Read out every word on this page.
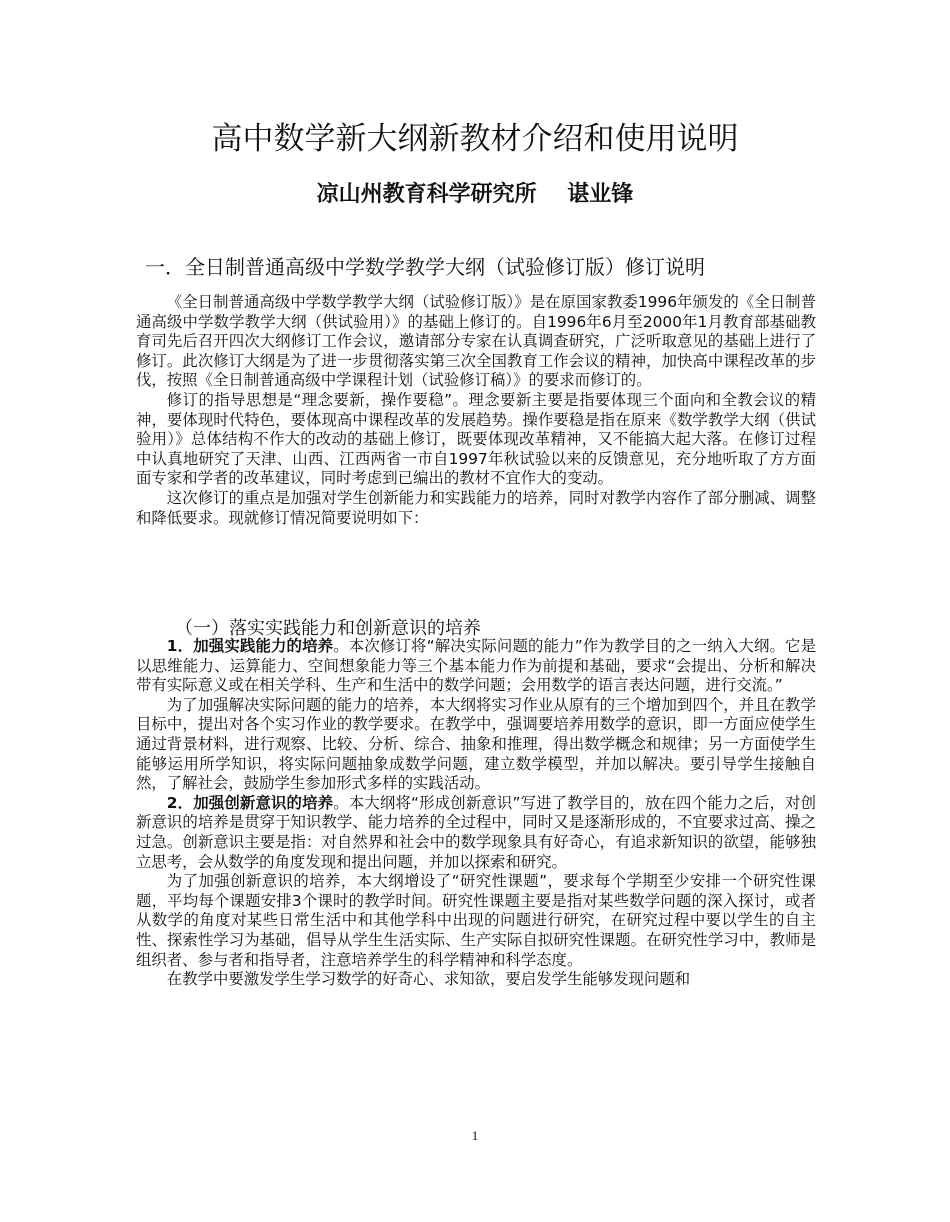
高中数学新大纲新教材介绍和使用说明
凉山州教育科学研究所    谌业锋
一．全日制普通高级中学数学教学大纲（试验修订版）修订说明

《全日制普通高级中学数学教学大纲（试验修订版）》是在原国家教委1996年颁发的《全日制普通高级中学数学教学大纲（供试验用）》的基础上修订的。自1996年6月至2000年1月教育部基础教育司先后召开四次大纲修订工作会议，邀请部分专家在认真调查研究，广泛听取意见的基础上进行了修订。此次修订大纲是为了进一步贯彻落实第三次全国教育工作会议的精神，加快高中课程改革的步伐，按照《全日制普通高级中学课程计划（试验修订稿）》的要求而修订的。

修订的指导思想是“理念要新，操作要稳”。理念要新主要是指要体现三个面向和全教会议的精神，要体现时代特色，要体现高中课程改革的发展趋势。操作要稳是指在原来《数学教学大纲（供试验用）》总体结构不作大的改动的基础上修订，既要体现改革精神，又不能搞大起大落。在修订过程中认真地研究了天津、山西、江西两省一市自1997年秋试验以来的反馈意见，充分地听取了方方面面专家和学者的改革建议，同时考虑到已编出的教材不宜作大的变动。

这次修订的重点是加强对学生创新能力和实践能力的培养，同时对教学内容作了部分删减、调整和降低要求。现就修订情况简要说明如下：

（一）落实实践能力和创新意识的培养

1．加强实践能力的培养。本次修订将“解决实际问题的能力”作为教学目的之一纳入大纲。它是以思维能力、运算能力、空间想象能力等三个基本能力作为前提和基础，要求“会提出、分析和解决带有实际意义或在相关学科、生产和生活中的数学问题；会用数学的语言表达问题，进行交流。”

为了加强解决实际问题的能力的培养，本大纲将实习作业从原有的三个增加到四个，并且在教学目标中，提出对各个实习作业的教学要求。在教学中，强调要培养用数学的意识，即一方面应使学生通过背景材料，进行观察、比较、分析、综合、抽象和推理，得出数学概念和规律；另一方面使学生能够运用所学知识，将实际问题抽象成数学问题，建立数学模型，并加以解决。要引导学生接触自然，了解社会，鼓励学生参加形式多样的实践活动。

2．加强创新意识的培养。本大纲将“形成创新意识”写进了教学目的，放在四个能力之后，对创新意识的培养是贯穿于知识教学、能力培养的全过程中，同时又是逐渐形成的，不宜要求过高、操之过急。创新意识主要是指：对自然界和社会中的数学现象具有好奇心，有追求新知识的欲望，能够独立思考，会从数学的角度发现和提出问题，并加以探索和研究。

为了加强创新意识的培养，本大纲增设了“研究性课题”，要求每个学期至少安排一个研究性课题，平均每个课题安排3个课时的教学时间。研究性课题主要是指对某些数学问题的深入探讨，或者从数学的角度对某些日常生活中和其他学科中出现的问题进行研究，在研究过程中要以学生的自主性、探索性学习为基础，倡导从学生生活实际、生产实际自拟研究性课题。在研究性学习中，教师是组织者、参与者和指导者，注意培养学生的科学精神和科学态度。

在教学中要激发学生学习数学的好奇心、求知欲，要启发学生能够发现问题和

1
